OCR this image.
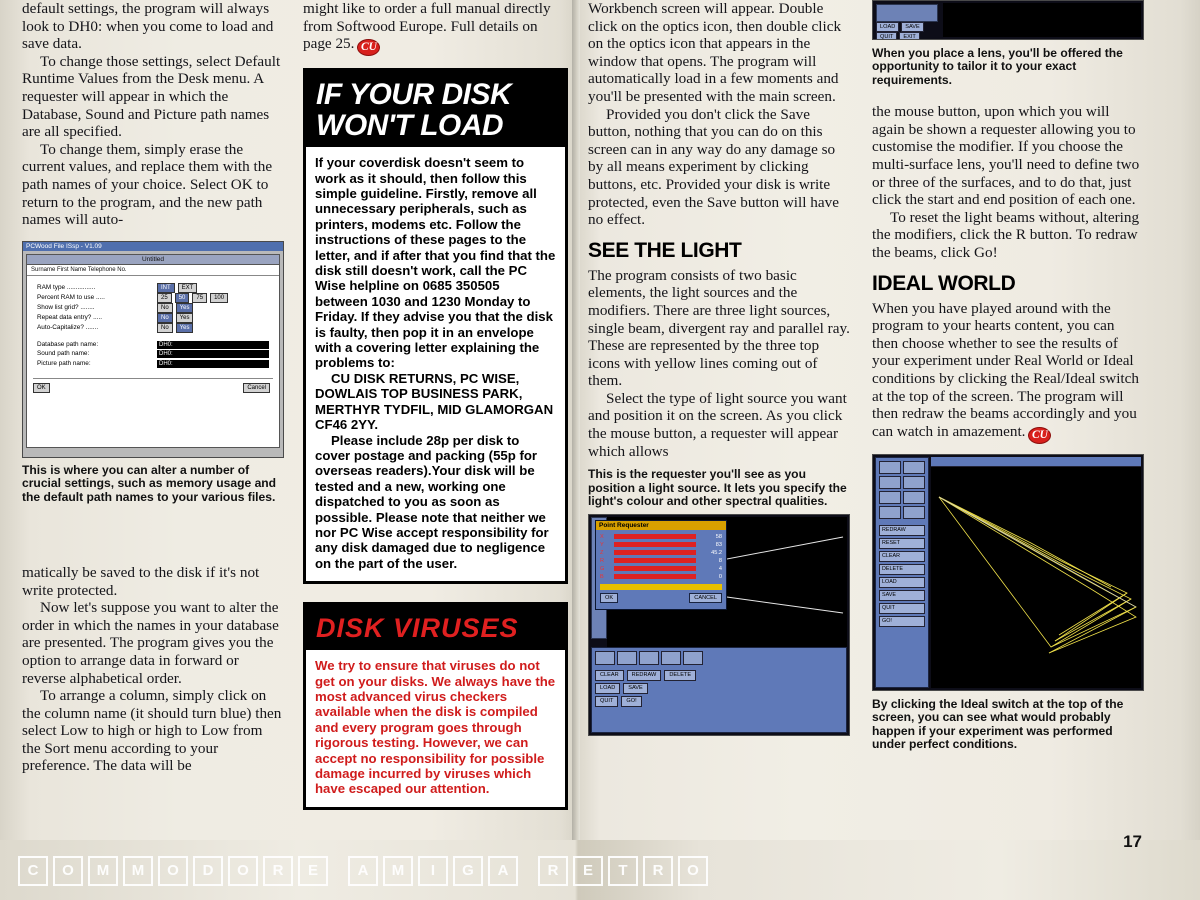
default settings, the program will always look to DH0: when you come to load and save data.

To change those settings, select Default Runtime Values from the Desk menu. A requester will appear in which the Database, Sound and Picture path names are all specified.

To change them, simply erase the current values, and replace them with the path names of your choice. Select OK to return to the program, and the new path names will auto-

PCWood File ISsp - V1.09
Untitled
Surname First Name Telephone No.
RAM type ................	INT	EXT
Percent RAM to use .....	25	50	75	100
Show list grid? ........	No	Yes
Repeat data entry? .....	No	Yes
Auto-Capitalize? .......	No	Yes
Database path name:	DH0:
Sound path name:	DH0:
Picture path name:	DH0:
OK	Cancel
This is where you can alter a number of crucial settings, such as memory usage and the default path names to your various files.

matically be saved to the disk if it's not write protected.

Now let's suppose you want to alter the order in which the names in your database are presented. The program gives you the option to arrange data in forward or reverse alphabetical order.

To arrange a column, simply click on the column name (it should turn blue) then select Low to high or high to Low from the Sort menu according to your preference. The data will be

might like to order a full manual directly from Softwood Europe. Full details on page 25. CU

IF YOUR DISK WON'T LOAD

If your coverdisk doesn't seem to work as it should, then follow this simple guideline. Firstly, remove all unnecessary peripherals, such as printers, modems etc. Follow the instructions of these pages to the letter, and if after that you find that the disk still doesn't work, call the PC Wise helpline on 0685 350505 between 1030 and 1230 Monday to Friday. If they advise you that the disk is faulty, then pop it in an envelope with a covering letter explaining the problems to:

CU DISK RETURNS, PC WISE, DOWLAIS TOP BUSINESS PARK, MERTHYR TYDFIL, MID GLAMORGAN CF46 2YY.

Please include 28p per disk to cover postage and packing (55p for overseas readers).Your disk will be tested and a new, working one dispatched to you as soon as possible. Please note that neither we nor PC Wise accept responsibility for any disk damaged due to negligence on the part of the user.

DISK VIRUSES

We try to ensure that viruses do not get on your disks. We always have the most advanced virus checkers available when the disk is compiled and every program goes through rigorous testing. However, we can accept no responsibility for possible damage incurred by viruses which have escaped our attention.

Workbench screen will appear. Double click on the optics icon, then double click on the optics icon that appears in the window that opens. The program will automatically load in a few moments and you'll be presented with the main screen.

Provided you don't click the Save button, nothing that you can do on this screen can in any way do any damage so by all means experiment by clicking buttons, etc. Provided your disk is write protected, even the Save button will have no effect.

SEE THE LIGHT

The program consists of two basic elements, the light sources and the modifiers. There are three light sources, single beam, divergent ray and parallel ray. These are represented by the three top icons with yellow lines coming out of them.

Select the type of light source you want and position it on the screen. As you click the mouse button, a requester will appear which allows

This is the requester you'll see as you position a light source. It lets you specify the light's colour and other spectral qualities.
Point Requester
X	58
Y	83
Z	45.2
R	8
G	4
B	0
OK	CANCEL
CLEAR	REDRAW	DELETE
LOAD	SAVE
QUIT	GO!
LOAD	SAVE
QUIT	EXIT
When you place a lens, you'll be offered the opportunity to tailor it to your exact requirements.

the mouse button, upon which you will again be shown a requester allowing you to customise the modifier. If you choose the multi-surface lens, you'll need to define two or three of the surfaces, and to do that, just click the start and end position of each one.

To reset the light beams without, altering the modifiers, click the R button. To redraw the beams, click Go!

IDEAL WORLD

When you have played around with the program to your hearts content, you can then choose whether to see the results of your experiment under Real World or Ideal conditions by clicking the Real/Ideal switch at the top of the screen. The program will then redraw the beams accordingly and you can watch in amazement. CU

REDRAW
RESET
CLEAR
DELETE
LOAD
SAVE
QUIT
GO!
By clicking the Ideal switch at the top of the screen, you can see what would probably happen if your experiment was performed under perfect conditions.
C	O	M	M	O	D	O	R	E	A	M	I	G	A	R	E	T	R	O
17
